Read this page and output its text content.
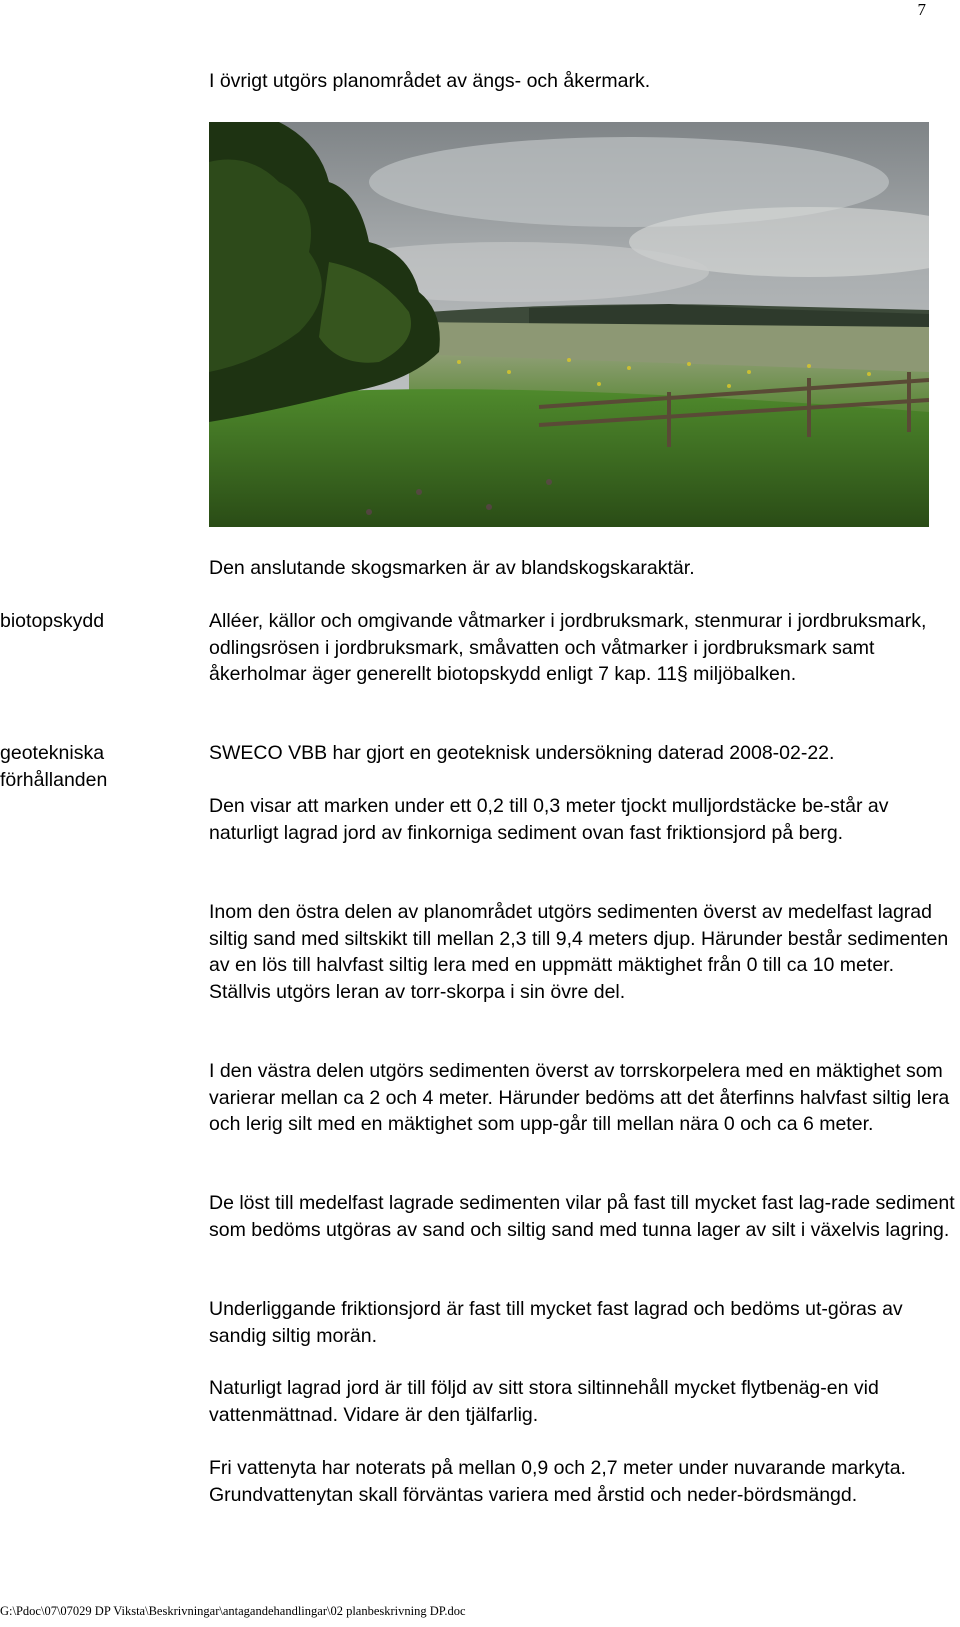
7

I övrigt utgörs planområdet av ängs- och åkermark.

Den anslutande skogsmarken är av blandskogskaraktär.

biotopskydd	Alléer, källor och omgivande våtmarker i jordbruksmark, stenmurar i jordbruksmark, odlingsrösen i jordbruksmark, småvatten och våtmarker i jordbruksmark samt åkerholmar äger generellt biotopskydd enligt 7 kap. 11§ miljöbalken.

geotekniska
förhållanden

SWECO VBB har gjort en geoteknisk undersökning daterad 2008-02-22.

Den visar att marken under ett 0,2 till 0,3 meter tjockt mulljordstäcke be-står av naturligt lagrad jord av finkorniga sediment ovan fast friktionsjord på berg.

Inom den östra delen av planområdet utgörs sedimenten överst av medelfast lagrad siltig sand med siltskikt till mellan 2,3 till 9,4 meters djup. Härunder består sedimenten av en lös till halvfast siltig lera med en uppmätt mäktighet från 0 till ca 10 meter. Ställvis utgörs leran av torr-skorpa i sin övre del.

I den västra delen utgörs sedimenten överst av torrskorpelera med en mäktighet som varierar mellan ca 2 och 4 meter. Härunder bedöms att det återfinns halvfast siltig lera och lerig silt med en mäktighet som upp-går till mellan nära 0 och ca 6 meter.

De löst till medelfast lagrade sedimenten vilar på fast till mycket fast lag-rade sediment som bedöms utgöras av sand och siltig sand med tunna lager av silt i växelvis lagring.

Underliggande friktionsjord är fast till mycket fast lagrad och bedöms ut-göras av sandig siltig morän.

Naturligt lagrad jord är till följd av sitt stora siltinnehåll mycket flytbenäg-en vid vattenmättnad. Vidare är den tjälfarlig.

Fri vattenyta har noterats på mellan 0,9 och 2,7 meter under nuvarande markyta. Grundvattenytan skall förväntas variera med årstid och neder-bördsmängd.

G:\Pdoc\07\07029 DP Viksta\Beskrivningar\antagandehandlingar\02 planbeskrivning DP.doc
